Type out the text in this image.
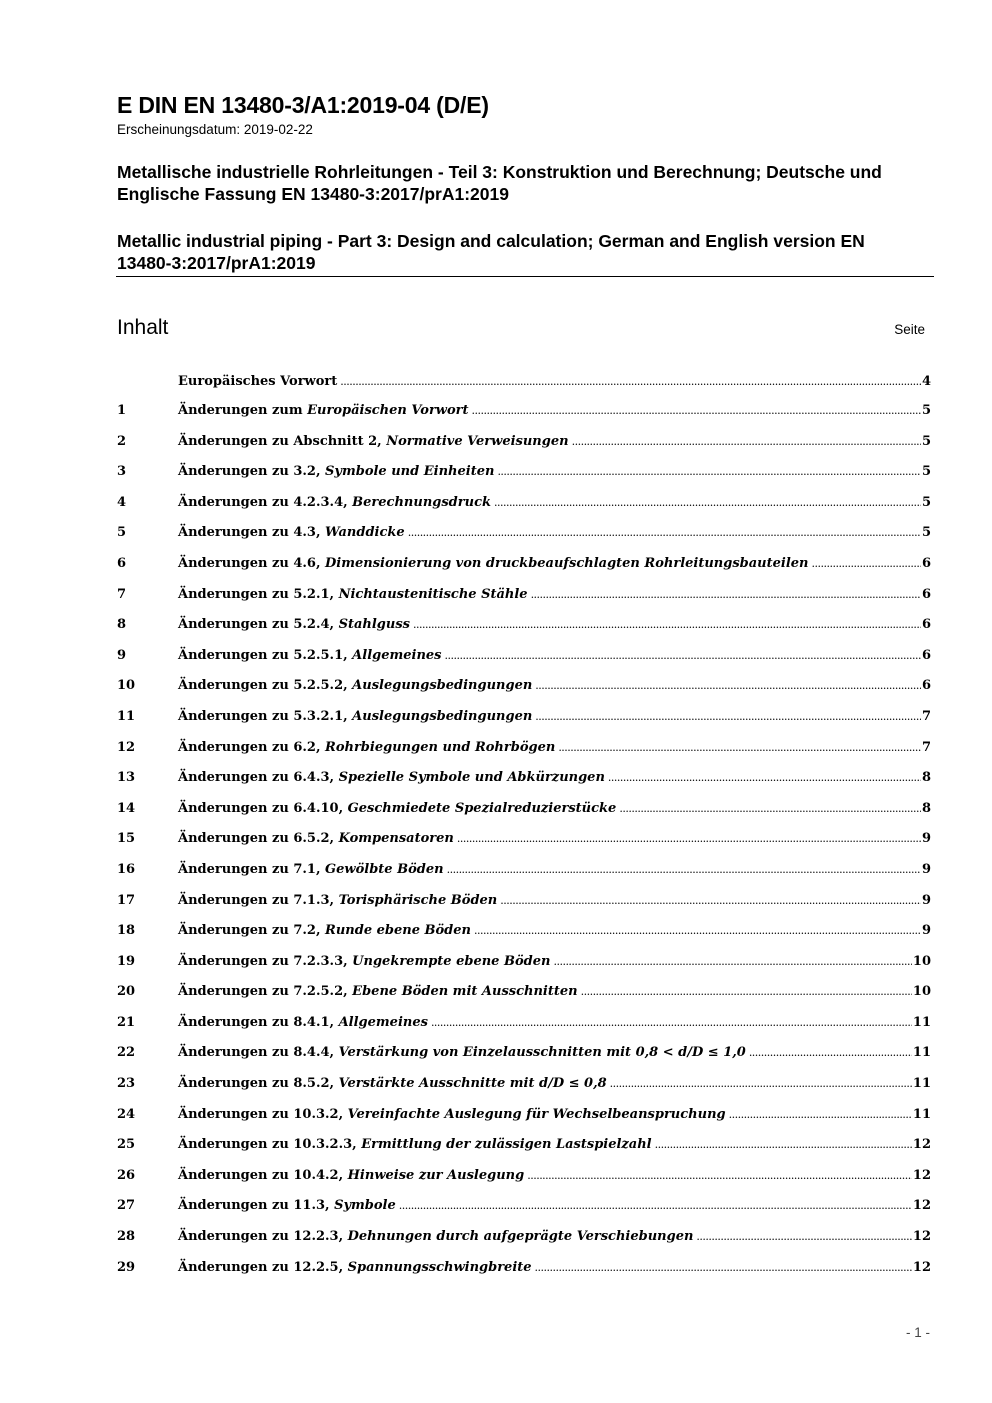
E DIN EN 13480-3/A1:2019-04 (D/E)
Erscheinungsdatum: 2019-02-22
Metallische industrielle Rohrleitungen - Teil 3: Konstruktion und Berechnung; Deutsche und Englische Fassung EN 13480-3:2017/prA1:2019
Metallic industrial piping - Part 3: Design and calculation; German and English version EN 13480-3:2017/prA1:2019
Inhalt	Seite
Europäisches Vorwort .....	4
1	Änderungen zum Europäischen Vorwort .....	5
2	Änderungen zu Abschnitt 2, Normative Verweisungen .....	5
3	Änderungen zu 3.2, Symbole und Einheiten .....	5
4	Änderungen zu 4.2.3.4, Berechnungsdruck .....	5
5	Änderungen zu 4.3, Wanddicke .....	5
6	Änderungen zu 4.6, Dimensionierung von druckbeaufschlagten Rohrleitungsbauteilen .....	6
7	Änderungen zu 5.2.1, Nichtaustenitische Stähle .....	6
8	Änderungen zu 5.2.4, Stahlguss .....	6
9	Änderungen zu 5.2.5.1, Allgemeines .....	6
10	Änderungen zu 5.2.5.2, Auslegungsbedingungen .....	6
11	Änderungen zu 5.3.2.1, Auslegungsbedingungen .....	7
12	Änderungen zu 6.2, Rohrbiegungen und Rohrbögen .....	7
13	Änderungen zu 6.4.3, Spezielle Symbole und Abkürzungen .....	8
14	Änderungen zu 6.4.10, Geschmiedete Spezialreduzierstücke .....	8
15	Änderungen zu 6.5.2, Kompensatoren .....	9
16	Änderungen zu 7.1, Gewölbte Böden .....	9
17	Änderungen zu 7.1.3, Torisphärische Böden .....	9
18	Änderungen zu 7.2, Runde ebene Böden .....	9
19	Änderungen zu 7.2.3.3, Ungekrempte ebene Böden .....	10
20	Änderungen zu 7.2.5.2, Ebene Böden mit Ausschnitten .....	10
21	Änderungen zu 8.4.1, Allgemeines .....	11
22	Änderungen zu 8.4.4, Verstärkung von Einzelausschnitten mit 0,8 < d/D ≤ 1,0 .....	11
23	Änderungen zu 8.5.2, Verstärkte Ausschnitte mit d/D ≤ 0,8 .....	11
24	Änderungen zu 10.3.2, Vereinfachte Auslegung für Wechselbeanspruchung .....	11
25	Änderungen zu 10.3.2.3, Ermittlung der zulässigen Lastspielzahl .....	12
26	Änderungen zu 10.4.2, Hinweise zur Auslegung .....	12
27	Änderungen zu 11.3, Symbole .....	12
28	Änderungen zu 12.2.3, Dehnungen durch aufgeprägte Verschiebungen .....	12
29	Änderungen zu 12.2.5, Spannungsschwingbreite .....	12
- 1 -
